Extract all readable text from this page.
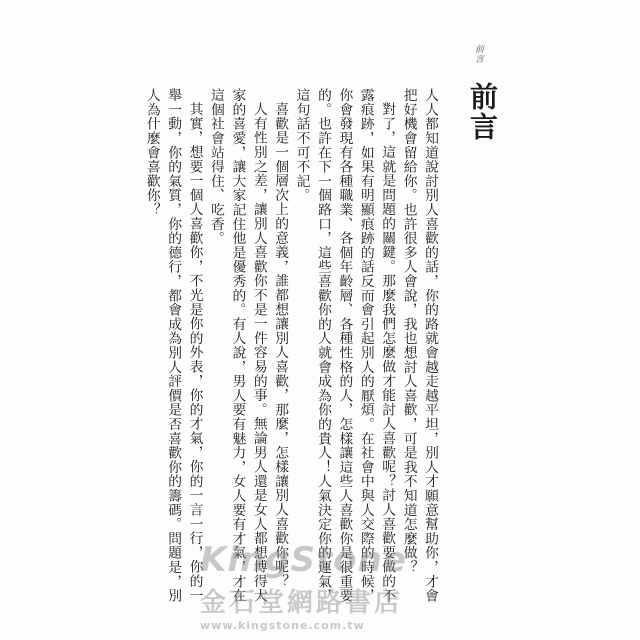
前言
前言

人人都知道說討別人喜歡的話，你的路就會越走越平坦，別人才願意幫助你，才會把好機會留給你。也許很多人會說，我也想討人喜歡，可是我不知道怎麼做？

對了，這就是問題的關鍵。那麼我們怎麼做才能討人喜歡呢？討人喜歡要做的不露痕跡，如果有明顯痕跡的話反而會引起別人的厭煩。在社會中與人交際的時候，你會發現有各種職業、各個年齡層、各種性格的人，怎樣讓這些人喜歡你是很重要的。也許在下一個路口，這些喜歡你的人就會成為你的貴人！人氣決定你的運氣，這句話不可不記。

喜歡是一個層次上的意義，誰都想讓別人喜歡，那麼，怎樣讓別人喜歡你呢？

人有性別之差，讓別人喜歡你不是一件容易的事。無論男人還是女人都想博得大家的喜愛，讓大家記住他是優秀的。有人說，男人要有魅力，女人要有才氣，才在這個社會站得住、吃香。

其實，想要一個人喜歡你，不光是你的外表，你的才氣，你的一言一行，你的一舉一動，你的氣質，你的德行，都會成為別人評價是否喜歡你的籌碼。問題是，別人為什麼會喜歡你？

KingStone
金石堂網路書店
www.kingstone.com.tw
